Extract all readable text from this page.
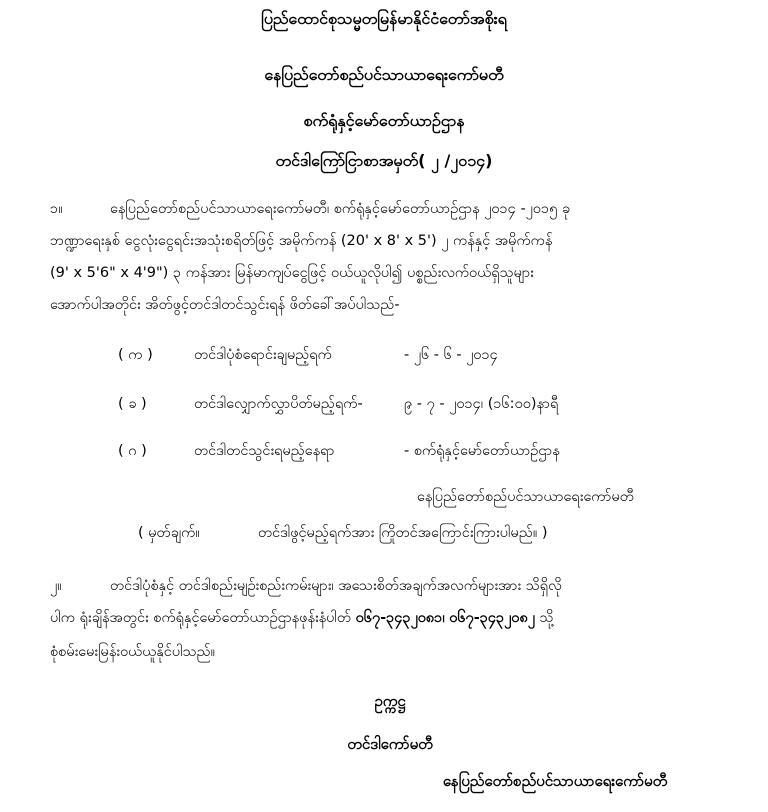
ပြည်ထောင်စုသမ္မတမြန်မာနိုင်ငံတော်အစိုးရ
နေပြည်တော်စည်ပင်သာယာရေးကော်မတီ
စက်ရုံနှင့်မော်တော်ယာဉ်ဌာန
တင်ဒါကြော်ငြာစာအမှတ်( ၂ /၂၀၁၄)
၁။	နေပြည်တော်စည်ပင်သာယာရေးကော်မတီ၊ စက်ရုံနှင့်မော်တော်ယာဉ်ဌာန ၂၀၁၄ -၂၀၁၅ ခု
ဘဏ္ဍာရေးနှစ် ငွေလုံးငွေရင်းအသုံးစရိတ်ဖြင့် အမိုက်ကန် (20' x 8' x 5') ၂ ကန်နှင့် အမိုက်ကန်
(9' x 5'6" x 4'9") ၃ ကန်အား မြန်မာကျပ်ငွေဖြင့် ဝယ်ယူလိုပါ၍ ပစ္စည်းလက်ဝယ်ရှိသူများ
အောက်ပါအတိုင်း အိတ်ဖွင့်တင်ဒါတင်သွင်းရန် ဖိတ်ခေါ်အပ်ပါသည်-
( က )	တင်ဒါပုံစံရောင်းချမည့်ရက်	- ၂၆ - ၆ - ၂၀၁၄
( ခ )	တင်ဒါလျှောက်လွှာပိတ်မည့်ရက်-	၉ - ၇ - ၂၀၁၄၊ (၁၆:၀၀)နာရီ
( ဂ )	တင်ဒါတင်သွင်းရမည့်နေရာ	- စက်ရုံနှင့်မော်တော်ယာဉ်ဌာန
နေပြည်တော်စည်ပင်သာယာရေးကော်မတီ
( မှတ်ချက်။	တင်ဒါဖွင့်မည့်ရက်အား ကြိုတင်အကြောင်းကြားပါမည်။ )
၂။	တင်ဒါပုံစံနှင့် တင်ဒါစည်းမျဉ်းစည်းကမ်းများ၊ အသေးစိတ်အချက်အလက်များအား သိရှိလို
ပါက ရုံးချိန်အတွင်း စက်ရုံနှင့်မော်တော်ယာဉ်ဌာနဖုန်းနံပါတ် ၀၆၇-၃၄၃၂၀၈၁၊ ၀၆၇-၃၄၃၂၀၈၂ သို့
စုံစမ်းမေးမြန်းဝယ်ယူနိုင်ပါသည်။
ဥက္ကဋ္ဌ
တင်ဒါကော်မတီ
နေပြည်တော်စည်ပင်သာယာရေးကော်မတီ
